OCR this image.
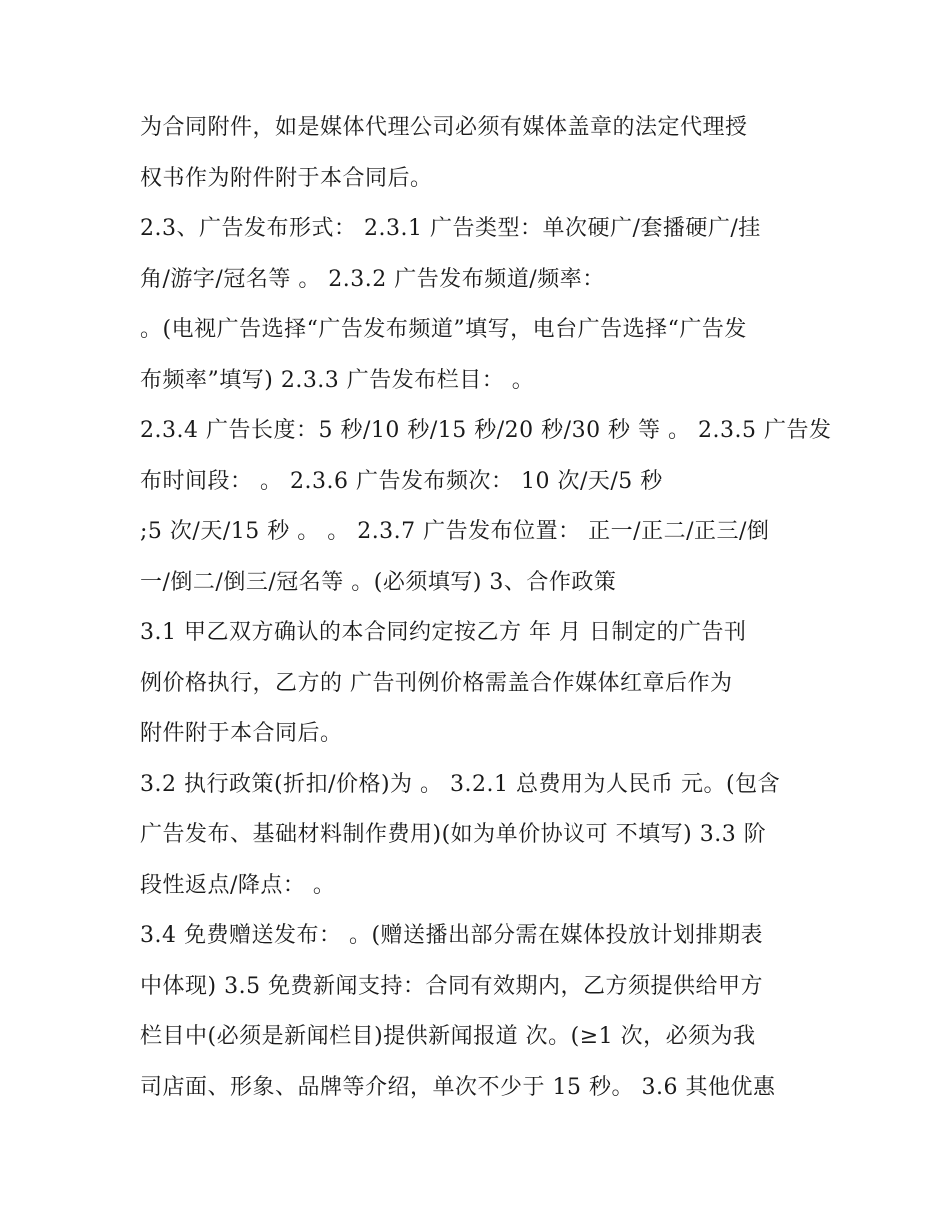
为合同附件，如是媒体代理公司必须有媒体盖章的法定代理授
权书作为附件附于本合同后。
2.3、广告发布形式： 2.3.1 广告类型：单次硬广/套播硬广/挂
角/游字/冠名等 。 2.3.2 广告发布频道/频率：
。(电视广告选择“广告发布频道”填写，电台广告选择“广告发
布频率”填写) 2.3.3 广告发布栏目： 。
2.3.4 广告长度：5 秒/10 秒/15 秒/20 秒/30 秒 等 。 2.3.5 广告发
布时间段： 。 2.3.6 广告发布频次： 10 次/天/5 秒
;5 次/天/15 秒 。 。 2.3.7 广告发布位置： 正一/正二/正三/倒
一/倒二/倒三/冠名等 。(必须填写) 3、合作政策
3.1 甲乙双方确认的本合同约定按乙方 年 月 日制定的广告刊
例价格执行，乙方的 广告刊例价格需盖合作媒体红章后作为
附件附于本合同后。
3.2 执行政策(折扣/价格)为 。 3.2.1 总费用为人民币 元。(包含
广告发布、基础材料制作费用)(如为单价协议可 不填写) 3.3 阶
段性返点/降点： 。
3.4 免费赠送发布： 。(赠送播出部分需在媒体投放计划排期表
中体现) 3.5 免费新闻支持：合同有效期内，乙方须提供给甲方
栏目中(必须是新闻栏目)提供新闻报道 次。(≥1 次，必须为我
司店面、形象、品牌等介绍，单次不少于 15 秒。 3.6 其他优惠
